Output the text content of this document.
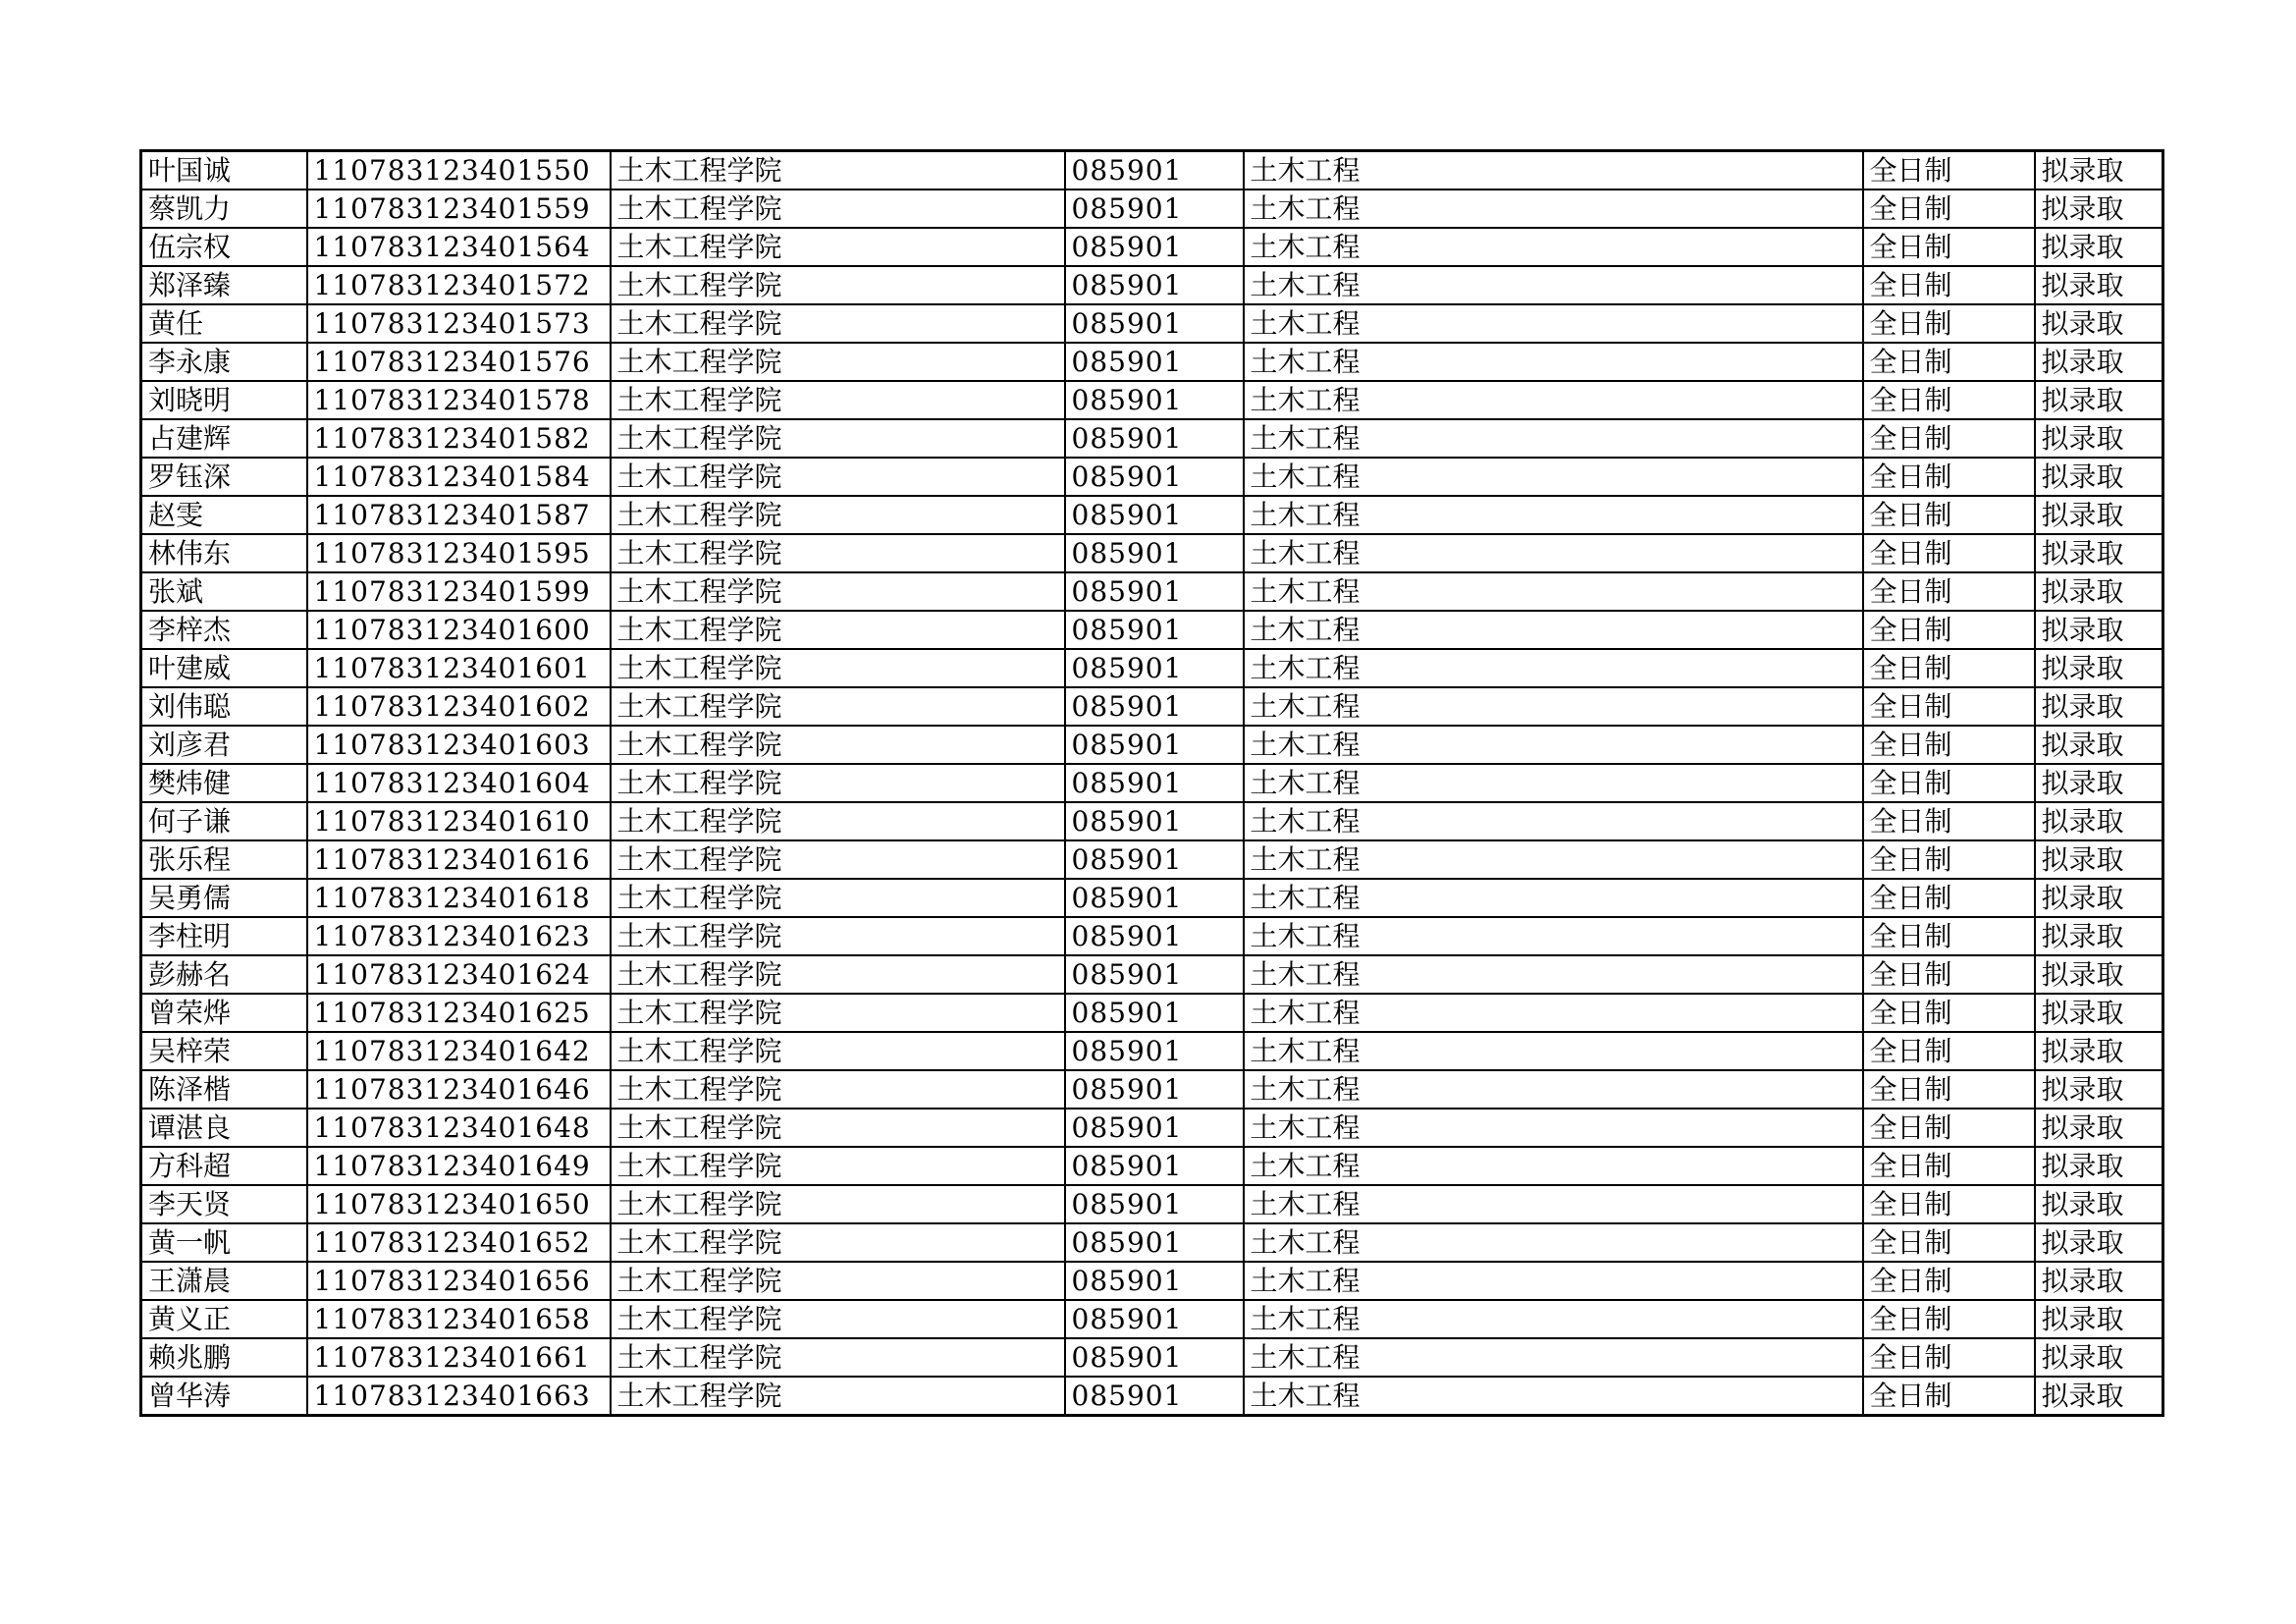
叶国诚	110783123401550	土木工程学院	085901	土木工程	全日制	拟录取
蔡凯力	110783123401559	土木工程学院	085901	土木工程	全日制	拟录取
伍宗权	110783123401564	土木工程学院	085901	土木工程	全日制	拟录取
郑泽臻	110783123401572	土木工程学院	085901	土木工程	全日制	拟录取
黄任	110783123401573	土木工程学院	085901	土木工程	全日制	拟录取
李永康	110783123401576	土木工程学院	085901	土木工程	全日制	拟录取
刘晓明	110783123401578	土木工程学院	085901	土木工程	全日制	拟录取
占建辉	110783123401582	土木工程学院	085901	土木工程	全日制	拟录取
罗钰深	110783123401584	土木工程学院	085901	土木工程	全日制	拟录取
赵雯	110783123401587	土木工程学院	085901	土木工程	全日制	拟录取
林伟东	110783123401595	土木工程学院	085901	土木工程	全日制	拟录取
张斌	110783123401599	土木工程学院	085901	土木工程	全日制	拟录取
李梓杰	110783123401600	土木工程学院	085901	土木工程	全日制	拟录取
叶建威	110783123401601	土木工程学院	085901	土木工程	全日制	拟录取
刘伟聪	110783123401602	土木工程学院	085901	土木工程	全日制	拟录取
刘彦君	110783123401603	土木工程学院	085901	土木工程	全日制	拟录取
樊炜健	110783123401604	土木工程学院	085901	土木工程	全日制	拟录取
何子谦	110783123401610	土木工程学院	085901	土木工程	全日制	拟录取
张乐程	110783123401616	土木工程学院	085901	土木工程	全日制	拟录取
吴勇儒	110783123401618	土木工程学院	085901	土木工程	全日制	拟录取
李柱明	110783123401623	土木工程学院	085901	土木工程	全日制	拟录取
彭赫名	110783123401624	土木工程学院	085901	土木工程	全日制	拟录取
曾荣烨	110783123401625	土木工程学院	085901	土木工程	全日制	拟录取
吴梓荣	110783123401642	土木工程学院	085901	土木工程	全日制	拟录取
陈泽楷	110783123401646	土木工程学院	085901	土木工程	全日制	拟录取
谭湛良	110783123401648	土木工程学院	085901	土木工程	全日制	拟录取
方科超	110783123401649	土木工程学院	085901	土木工程	全日制	拟录取
李天贤	110783123401650	土木工程学院	085901	土木工程	全日制	拟录取
黄一帆	110783123401652	土木工程学院	085901	土木工程	全日制	拟录取
王潇晨	110783123401656	土木工程学院	085901	土木工程	全日制	拟录取
黄义正	110783123401658	土木工程学院	085901	土木工程	全日制	拟录取
赖兆鹏	110783123401661	土木工程学院	085901	土木工程	全日制	拟录取
曾华涛	110783123401663	土木工程学院	085901	土木工程	全日制	拟录取
